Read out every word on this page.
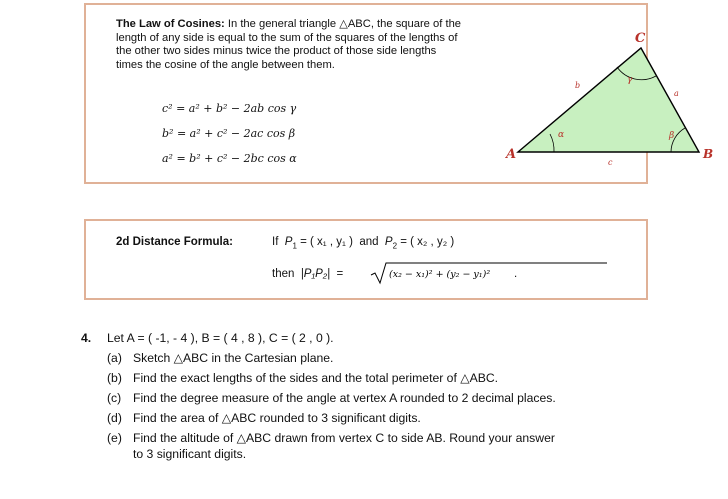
The Law of Cosines: In the general triangle △ABC, the square of the length of any side is equal to the sum of the squares of the lengths of the other two sides minus twice the product of those side lengths times the cosine of the angle between them.
c² = a² + b² − 2ab cos γ
b² = a² + c² − 2ac cos β
a² = b² + c² − 2bc cos α	A	B
C
a
b
c
α	β
γ
2d Distance Formula:	If $P_1$ = ( x₁ , y₁ ) and $P_2$ = ( x₂ , y₂ )
then |P₁P₂| =	(x₂ − x₁)² + (y₂ − y₁)² .
4. Let A = ( -1, - 4 ), B = ( 4 , 8 ), C = ( 2 , 0 ).
(a) Sketch △ABC in the Cartesian plane.
(b) Find the exact lengths of the sides and the total perimeter of △ABC.
(c) Find the degree measure of the angle at vertex A rounded to 2 decimal places.
(d) Find the area of △ABC rounded to 3 significant digits.
(e) Find the altitude of △ABC drawn from vertex C to side AB. Round your answer
to 3 significant digits.
